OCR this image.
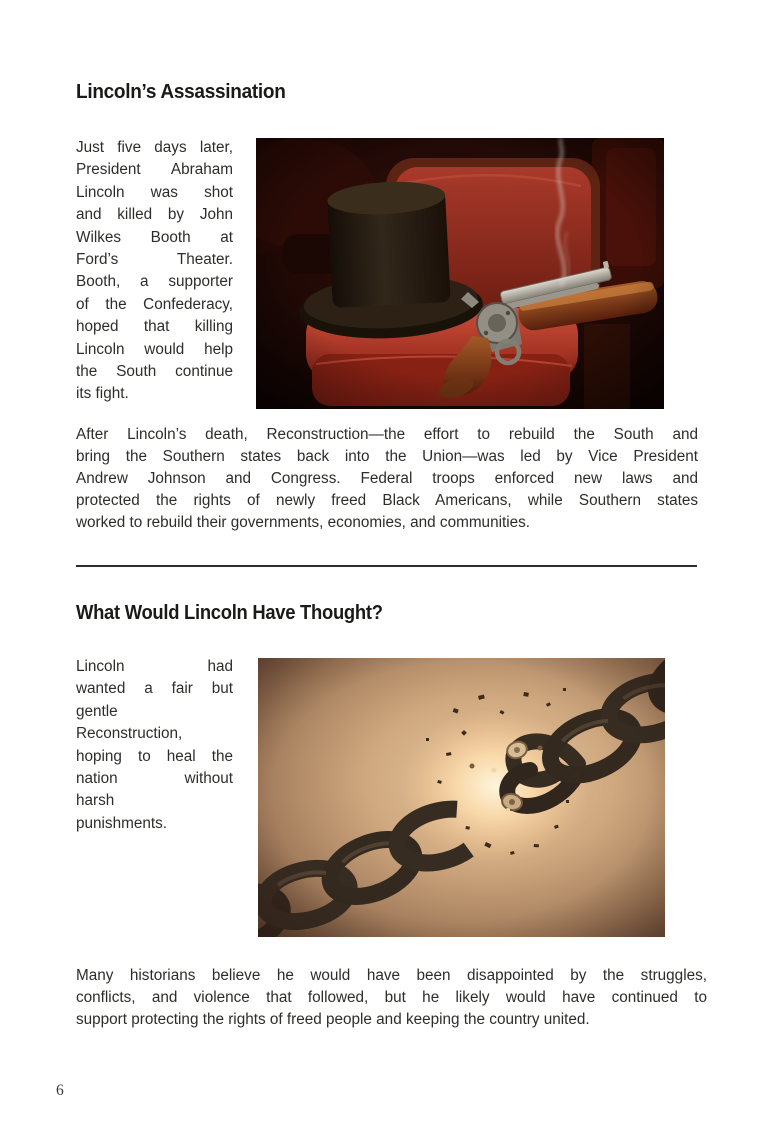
Lincoln’s Assassination
Just five days later,
President Abraham
Lincoln was shot
and killed by John
Wilkes Booth at
Ford’s Theater.
Booth, a supporter
of the Confederacy,
hoped that killing
Lincoln would help
the South continue
its fight.
After Lincoln’s death, Reconstruction—the effort to rebuild the South and
bring the Southern states back into the Union—was led by Vice President
Andrew Johnson and Congress. Federal troops enforced new laws and
protected the rights of newly freed Black Americans, while Southern states
worked to rebuild their governments, economies, and communities.
What Would Lincoln Have Thought?
Lincoln had
wanted a fair but
gentle
Reconstruction,
hoping to heal the
nation without
harsh
punishments.
Many historians believe he would have been disappointed by the struggles,
conflicts, and violence that followed, but he likely would have continued to
support protecting the rights of freed people and keeping the country united.
6
